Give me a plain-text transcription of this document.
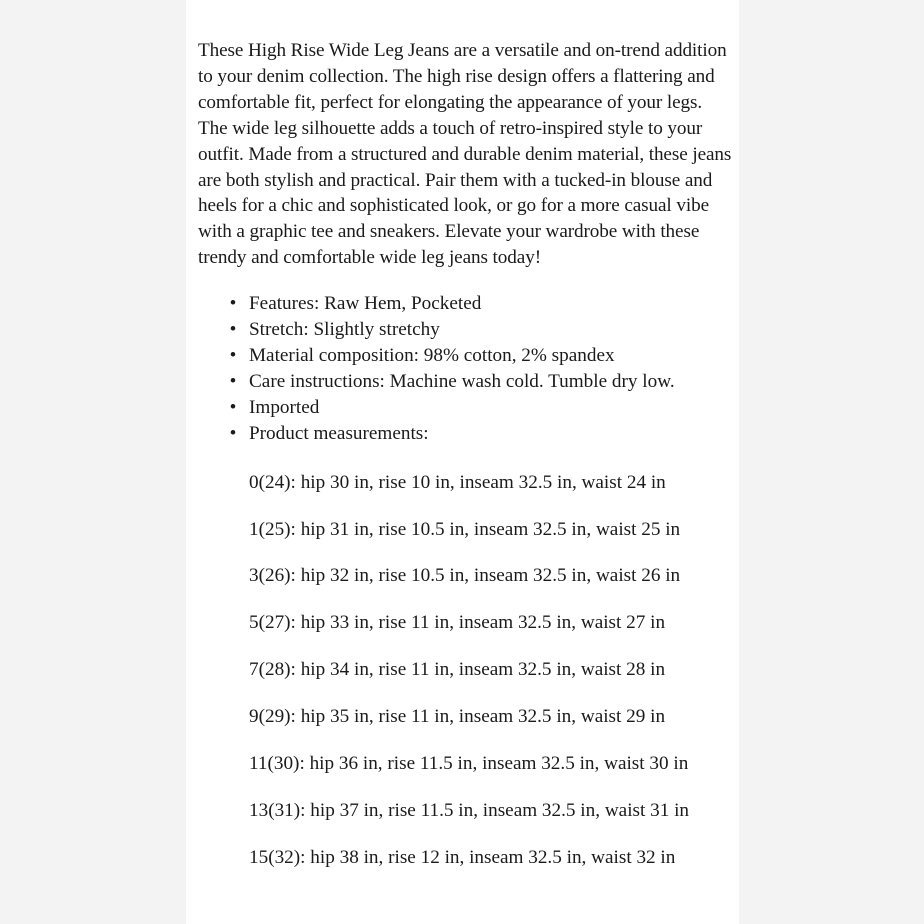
These High Rise Wide Leg Jeans are a versatile and on-trend addition to your denim collection. The high rise design offers a flattering and comfortable fit, perfect for elongating the appearance of your legs. The wide leg silhouette adds a touch of retro-inspired style to your outfit. Made from a structured and durable denim material, these jeans are both stylish and practical. Pair them with a tucked-in blouse and heels for a chic and sophisticated look, or go for a more casual vibe with a graphic tee and sneakers. Elevate your wardrobe with these trendy and comfortable wide leg jeans today!

• Features: Raw Hem, Pocketed
• Stretch: Slightly stretchy
• Material composition: 98% cotton, 2% spandex
• Care instructions: Machine wash cold. Tumble dry low.
• Imported
• Product measurements:
0(24): hip 30 in, rise 10 in, inseam 32.5 in, waist 24 in
1(25): hip 31 in, rise 10.5 in, inseam 32.5 in, waist 25 in
3(26): hip 32 in, rise 10.5 in, inseam 32.5 in, waist 26 in
5(27): hip 33 in, rise 11 in, inseam 32.5 in, waist 27 in
7(28): hip 34 in, rise 11 in, inseam 32.5 in, waist 28 in
9(29): hip 35 in, rise 11 in, inseam 32.5 in, waist 29 in
11(30): hip 36 in, rise 11.5 in, inseam 32.5 in, waist 30 in
13(31): hip 37 in, rise 11.5 in, inseam 32.5 in, waist 31 in
15(32): hip 38 in, rise 12 in, inseam 32.5 in, waist 32 in
